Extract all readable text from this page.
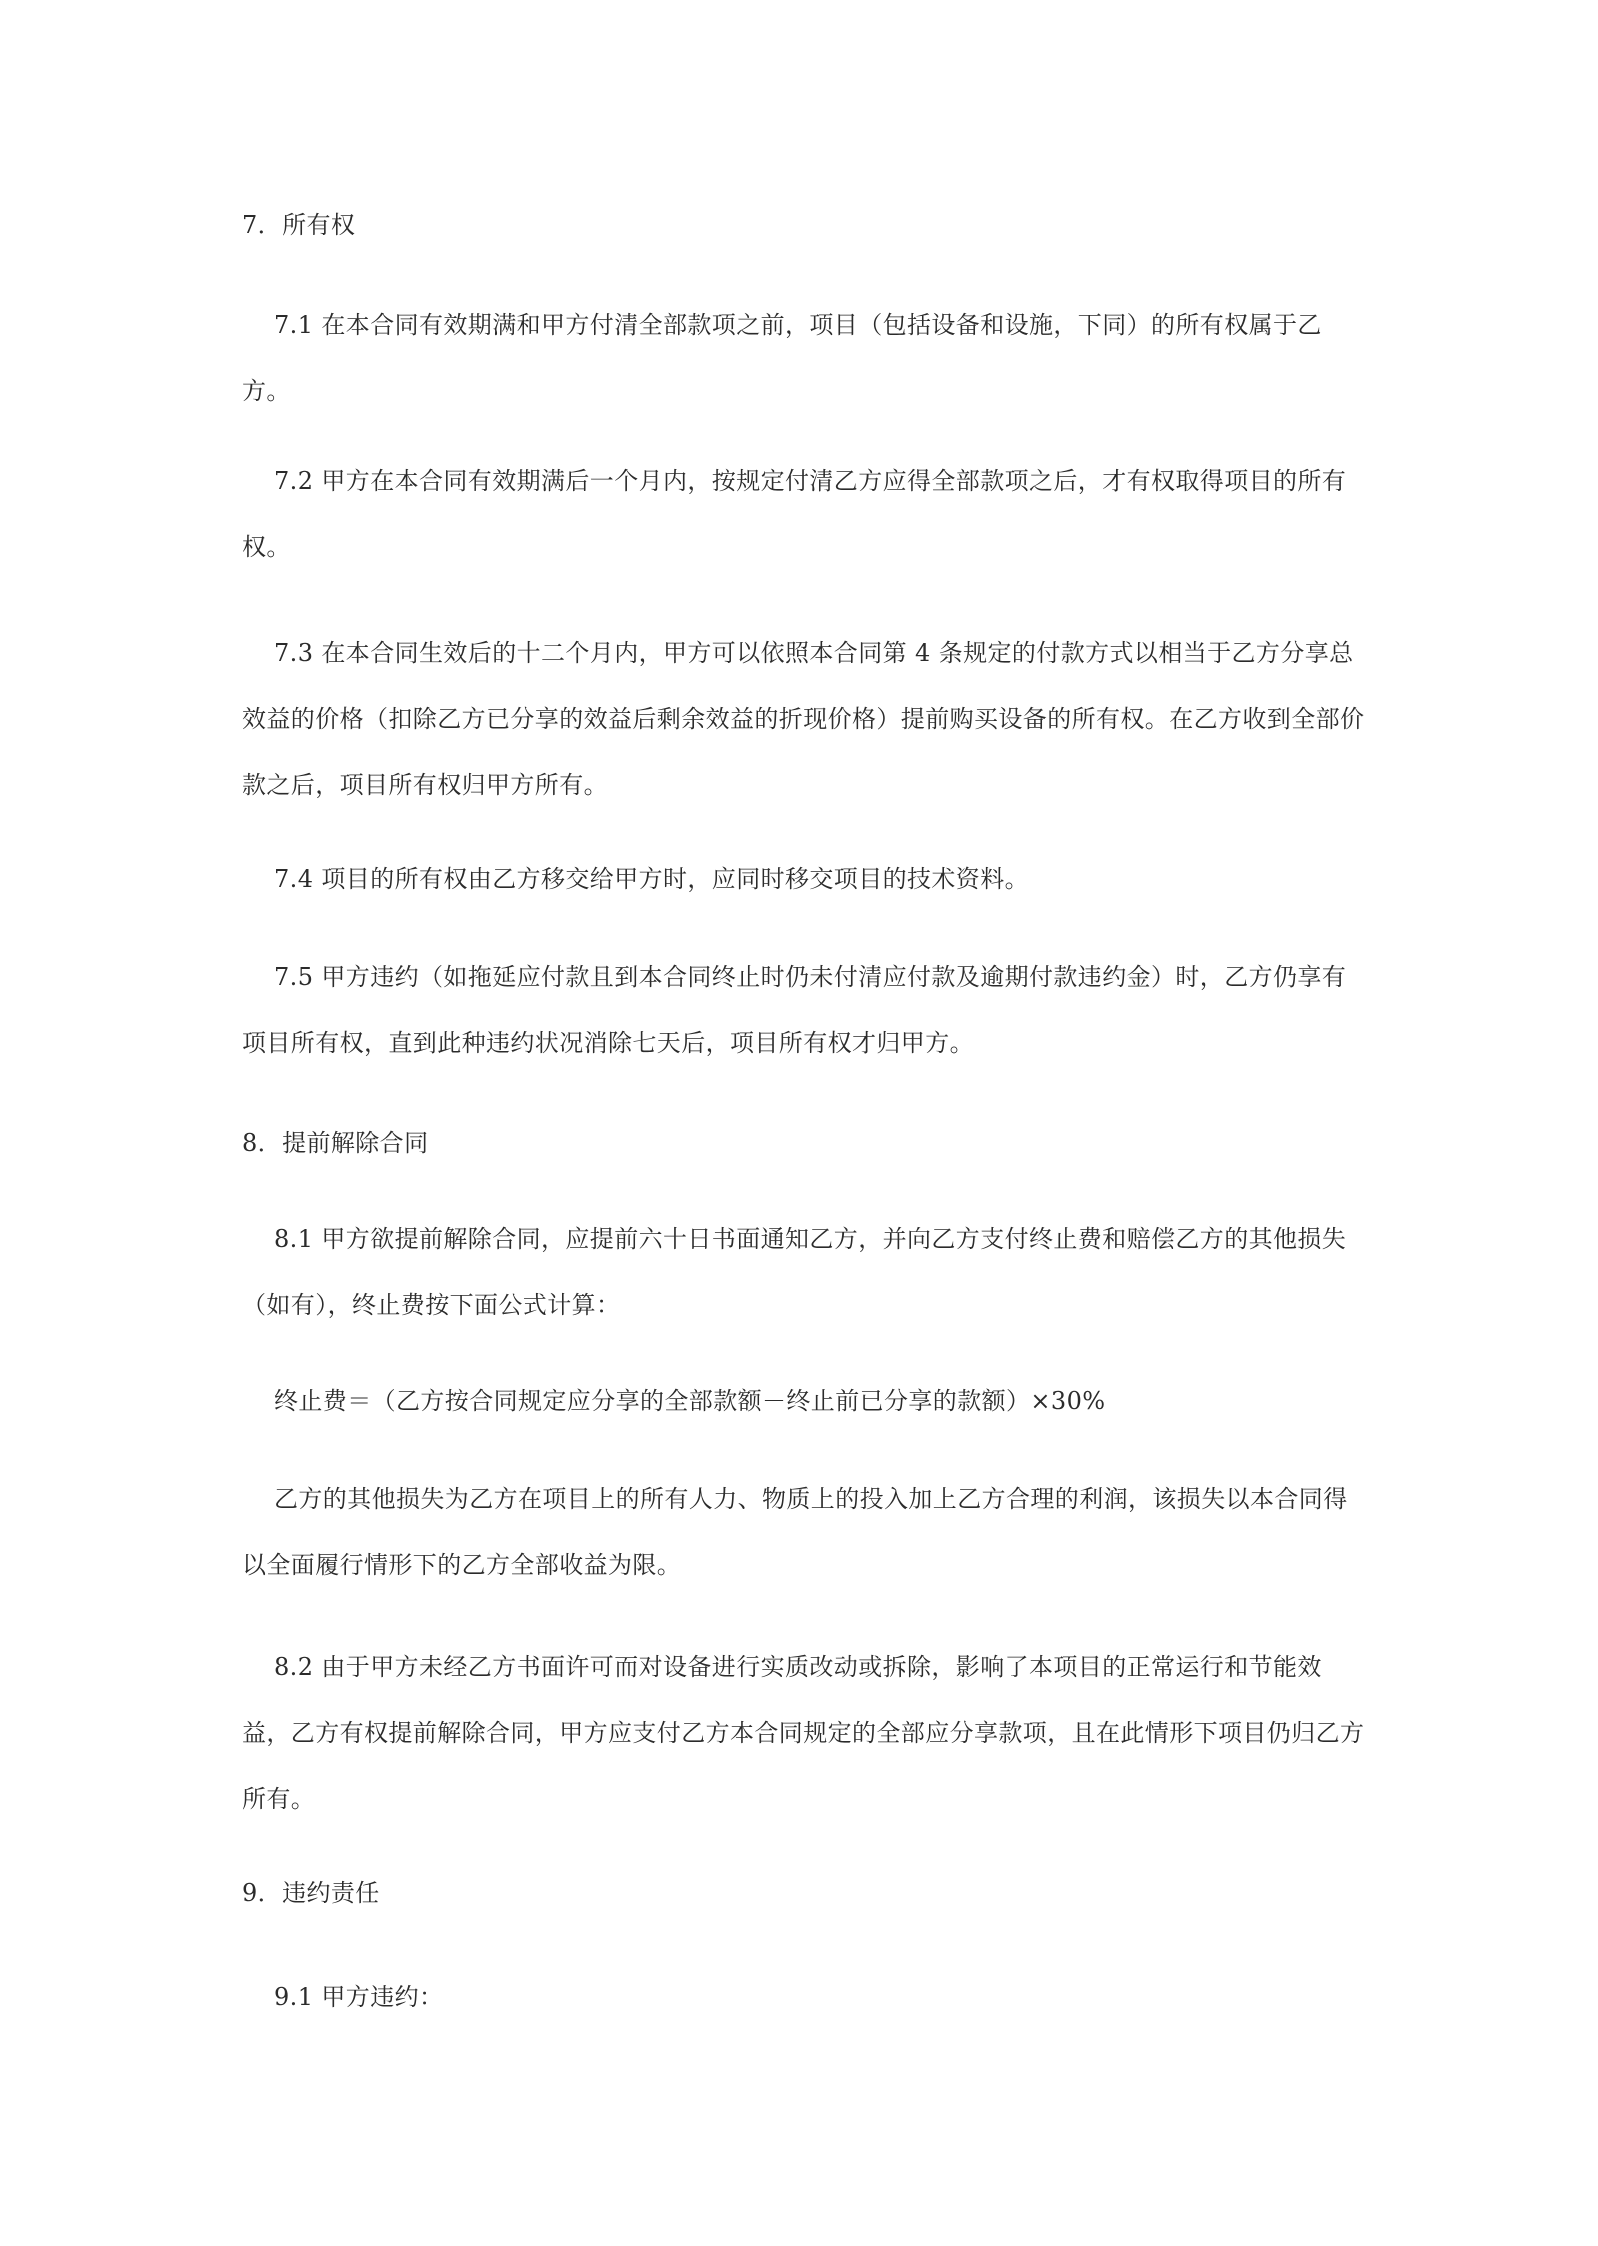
7．所有权

7.1 在本合同有效期满和甲方付清全部款项之前，项目（包括设备和设施，下同）的所有权属于乙方。

7.2 甲方在本合同有效期满后一个月内，按规定付清乙方应得全部款项之后，才有权取得项目的所有权。

7.3 在本合同生效后的十二个月内，甲方可以依照本合同第 4 条规定的付款方式以相当于乙方分享总效益的价格（扣除乙方已分享的效益后剩余效益的折现价格）提前购买设备的所有权。在乙方收到全部价款之后，项目所有权归甲方所有。

7.4 项目的所有权由乙方移交给甲方时，应同时移交项目的技术资料。

7.5 甲方违约（如拖延应付款且到本合同终止时仍未付清应付款及逾期付款违约金）时，乙方仍享有项目所有权，直到此种违约状况消除七天后，项目所有权才归甲方。

8．提前解除合同

8.1 甲方欲提前解除合同，应提前六十日书面通知乙方，并向乙方支付终止费和赔偿乙方的其他损失（如有），终止费按下面公式计算：

终止费＝（乙方按合同规定应分享的全部款额－终止前已分享的款额）×30%

乙方的其他损失为乙方在项目上的所有人力、物质上的投入加上乙方合理的利润，该损失以本合同得以全面履行情形下的乙方全部收益为限。

8.2 由于甲方未经乙方书面许可而对设备进行实质改动或拆除，影响了本项目的正常运行和节能效益，乙方有权提前解除合同，甲方应支付乙方本合同规定的全部应分享款项，且在此情形下项目仍归乙方所有。

9．违约责任

9.1 甲方违约：
